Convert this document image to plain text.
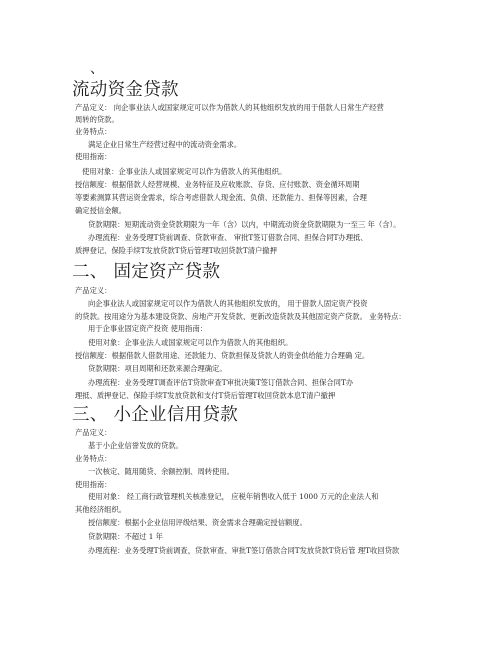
、
流动资金贷款
产品定义： 向企事业法人或国家规定可以作为借款人的其他组织发放的用于借款人日常生产经营
周转的贷款。
业务特点：
满足企业日常生产经营过程中的流动资金需求。
使用指南：
使用对象：企事业法人或国家规定可以作为借款人的其他组织。
授信额度：根据借款人经营规模、业务特征及应收账款、存货、应付账款、资金循环周期
等要素测算其营运资金需求，综合考虑借款人现金流、负债、还款能力、担保等因素，合理
确定授信金额。
贷款期限：短期流动资金贷款期限为一年（含）以内，中期流动资金贷款期限为一至三 年（含）。
办理流程：业务受理T贷前调查、贷款审查、 审批T签订借款合同、担保合同T办理抵、
质押登记、保险手续T发放贷款T贷后管理T收回贷款T清户撤押
二、 固定资产贷款
产品定义：
向企事业法人或国家规定可以作为借款人的其他组织发放的， 用于借款人固定资产投资
的贷款。按用途分为基本建设贷款、房地产开发贷款、更新改造贷款及其他固定资产贷款。 业务特点：
用于企事业固定资产投资 使用指南：
使用对象：企事业法人或国家规定可以作为借款人的其他组织。
授信额度：根据借款人借款用途、还款能力、贷款担保及贷款人的资金供给能力合理确 定。
贷款期限：项目周期和还款来源合理确定。
办理流程：业务受理T调查评估T贷款审查T审批决策T签订借款合同、担保合同T办
理抵、质押登记、保险手续T发放贷款和支付T贷后管理T收回贷款本息T清户撤押
三、 小企业信用贷款
产品定义：
基于小企业信誉发放的贷款。
业务特点：
一次核定、随用随贷、余额控制、周转使用。
使用指南：
使用对象： 经工商行政管理机关核准登记， 应税年销售收入低于 1000 万元的企业法人和
其他经济组织。
授信额度：根据小企业信用评级结果、资金需求合理确定授信额度。
贷款期限：不超过 1 年
办理流程：业务受理T贷前调查，贷款审查、审批T签订借款合同T发放贷款T贷后管 理T收回贷款
